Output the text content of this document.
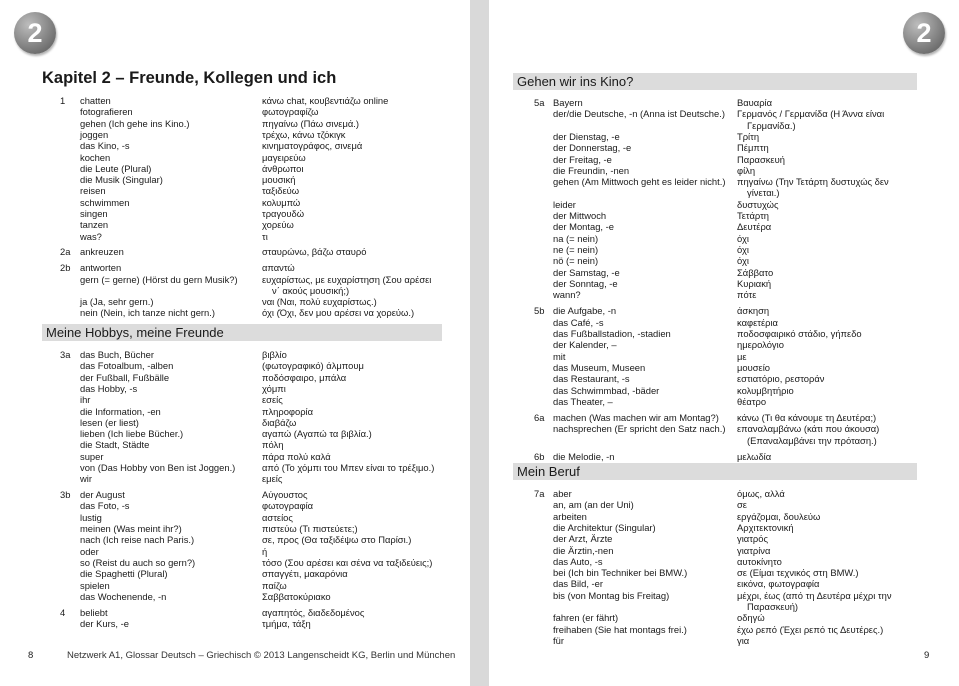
2
Kapitel 2 – Freunde, Kollegen und ich
1 chatten	κάνω chat, κουβεντιάζω online
fotografieren	φωτογραφίζω
gehen (Ich gehe ins Kino.)	πηγαίνω (Πάω σινεμά.)
joggen	τρέχω, κάνω τζόκιγκ
das Kino, -s	κινηματογράφος, σινεμά
kochen	μαγειρεύω
die Leute (Plural)	άνθρωποι
die Musik (Singular)	μουσική
reisen	ταξιδεύω
schwimmen	κολυμπώ
singen	τραγουδώ
tanzen	χορεύω
was?	τι
2a ankreuzen	σταυρώνω, βάζω σταυρό
2b antworten	απαντώ
gern (= gerne) (Hörst du gern Musik?)	ευχαρίστως, με ευχαρίστηση (Σου αρέσει
ν΄ ακούς μουσική;)
ja (Ja, sehr gern.)	ναι (Ναι, πολύ ευχαρίστως.)
nein (Nein, ich tanze nicht gern.)	όχι (Όχι, δεν μου αρέσει να χορεύω.)
Meine Hobbys, meine Freunde
3a das Buch, Bücher	βιβλίο
das Fotoalbum, -alben	(φωτογραφικό) άλμπουμ
der Fußball, Fußbälle	ποδόσφαιρο, μπάλα
das Hobby, -s	χόμπι
ihr	εσείς
die Information, -en	πληροφορία
lesen (er liest)	διαβάζω
lieben (Ich liebe Bücher.)	αγαπώ (Αγαπώ τα βιβλία.)
die Stadt, Städte	πόλη
super	πάρα πολύ καλά
von (Das Hobby von Ben ist Joggen.)	από (Το χόμπι του Μπεν είναι το τρέξιμο.)
wir	εμείς
3b der August	Αύγουστος
das Foto, -s	φωτογραφία
lustig	αστείος
meinen (Was meint ihr?)	πιστεύω (Τι πιστεύετε;)
nach (Ich reise nach Paris.)	σε, προς (Θα ταξιδέψω στο Παρίσι.)
oder	ή
so (Reist du auch so gern?)	τόσο (Σου αρέσει και σένα να ταξιδεύεις;)
die Spaghetti (Plural)	σπαγγέτι, μακαρόνια
spielen	παίζω
das Wochenende, -n	Σαββατοκύριακο
4 beliebt	αγαπητός, διαδεδομένος
der Kurs, -e	τμήμα, τάξη
8	Netzwerk A1, Glossar Deutsch – Griechisch © 2013 Langenscheidt KG, Berlin und München
2
Gehen wir ins Kino?
5a Bayern	Βαυαρία
der/die Deutsche, -n (Anna ist Deutsche.) Γερμανός / Γερμανίδα (Η Άννα είναι
Γερμανίδα.)
der Dienstag, -e	Τρίτη
der Donnerstag, -e	Πέμπτη
der Freitag, -e	Παρασκευή
die Freundin, -nen	φίλη
gehen (Am Mittwoch geht es leider nicht.) πηγαίνω (Την Τετάρτη δυστυχώς δεν
γίνεται.)
leider	δυστυχώς
der Mittwoch	Τετάρτη
der Montag, -e	Δευτέρα
na (= nein)	όχι
ne (= nein)	όχι
nö (= nein)	όχι
der Samstag, -e	Σάββατο
der Sonntag, -e	Κυριακή
wann?	πότε
5b die Aufgabe, -n	άσκηση
das Café, -s	καφετέρια
das Fußballstadion, -stadien	ποδοσφαιρικό στάδιο, γήπεδο
der Kalender, –	ημερολόγιο
mit	με
das Museum, Museen	μουσείο
das Restaurant, -s	εστιατόριο, ρεστοράν
das Schwimmbad, -bäder	κολυμβητήριο
das Theater, –	θέατρο
6a machen (Was machen wir am Montag?) κάνω (Τι θα κάνουμε τη Δευτέρα;)
nachsprechen (Er spricht den Satz nach.) επαναλαμβάνω (κάτι που άκουσα)
(Επαναλαμβάνει την πρόταση.)
6b die Melodie, -n	μελωδία
Mein Beruf
7a aber	όμως, αλλά
an, am (an der Uni)	σε
arbeiten	εργάζομαι, δουλεύω
die Architektur (Singular)	Αρχιτεκτονική
der Arzt, Ärzte	γιατρός
die Ärztin,-nen	γιατρίνα
das Auto, -s	αυτοκίνητο
bei (Ich bin Techniker bei BMW.)	σε (Είμαι τεχνικός στη BMW.)
das Bild, -er	εικόνα, φωτογραφία
bis (von Montag bis Freitag)	μέχρι, έως (από τη Δευτέρα μέχρι την
Παρασκευή)
fahren (er fährt)	οδηγώ
freihaben (Sie hat montags frei.)	έχω ρεπό (Έχει ρεπό τις Δευτέρες.)
für	για
9
